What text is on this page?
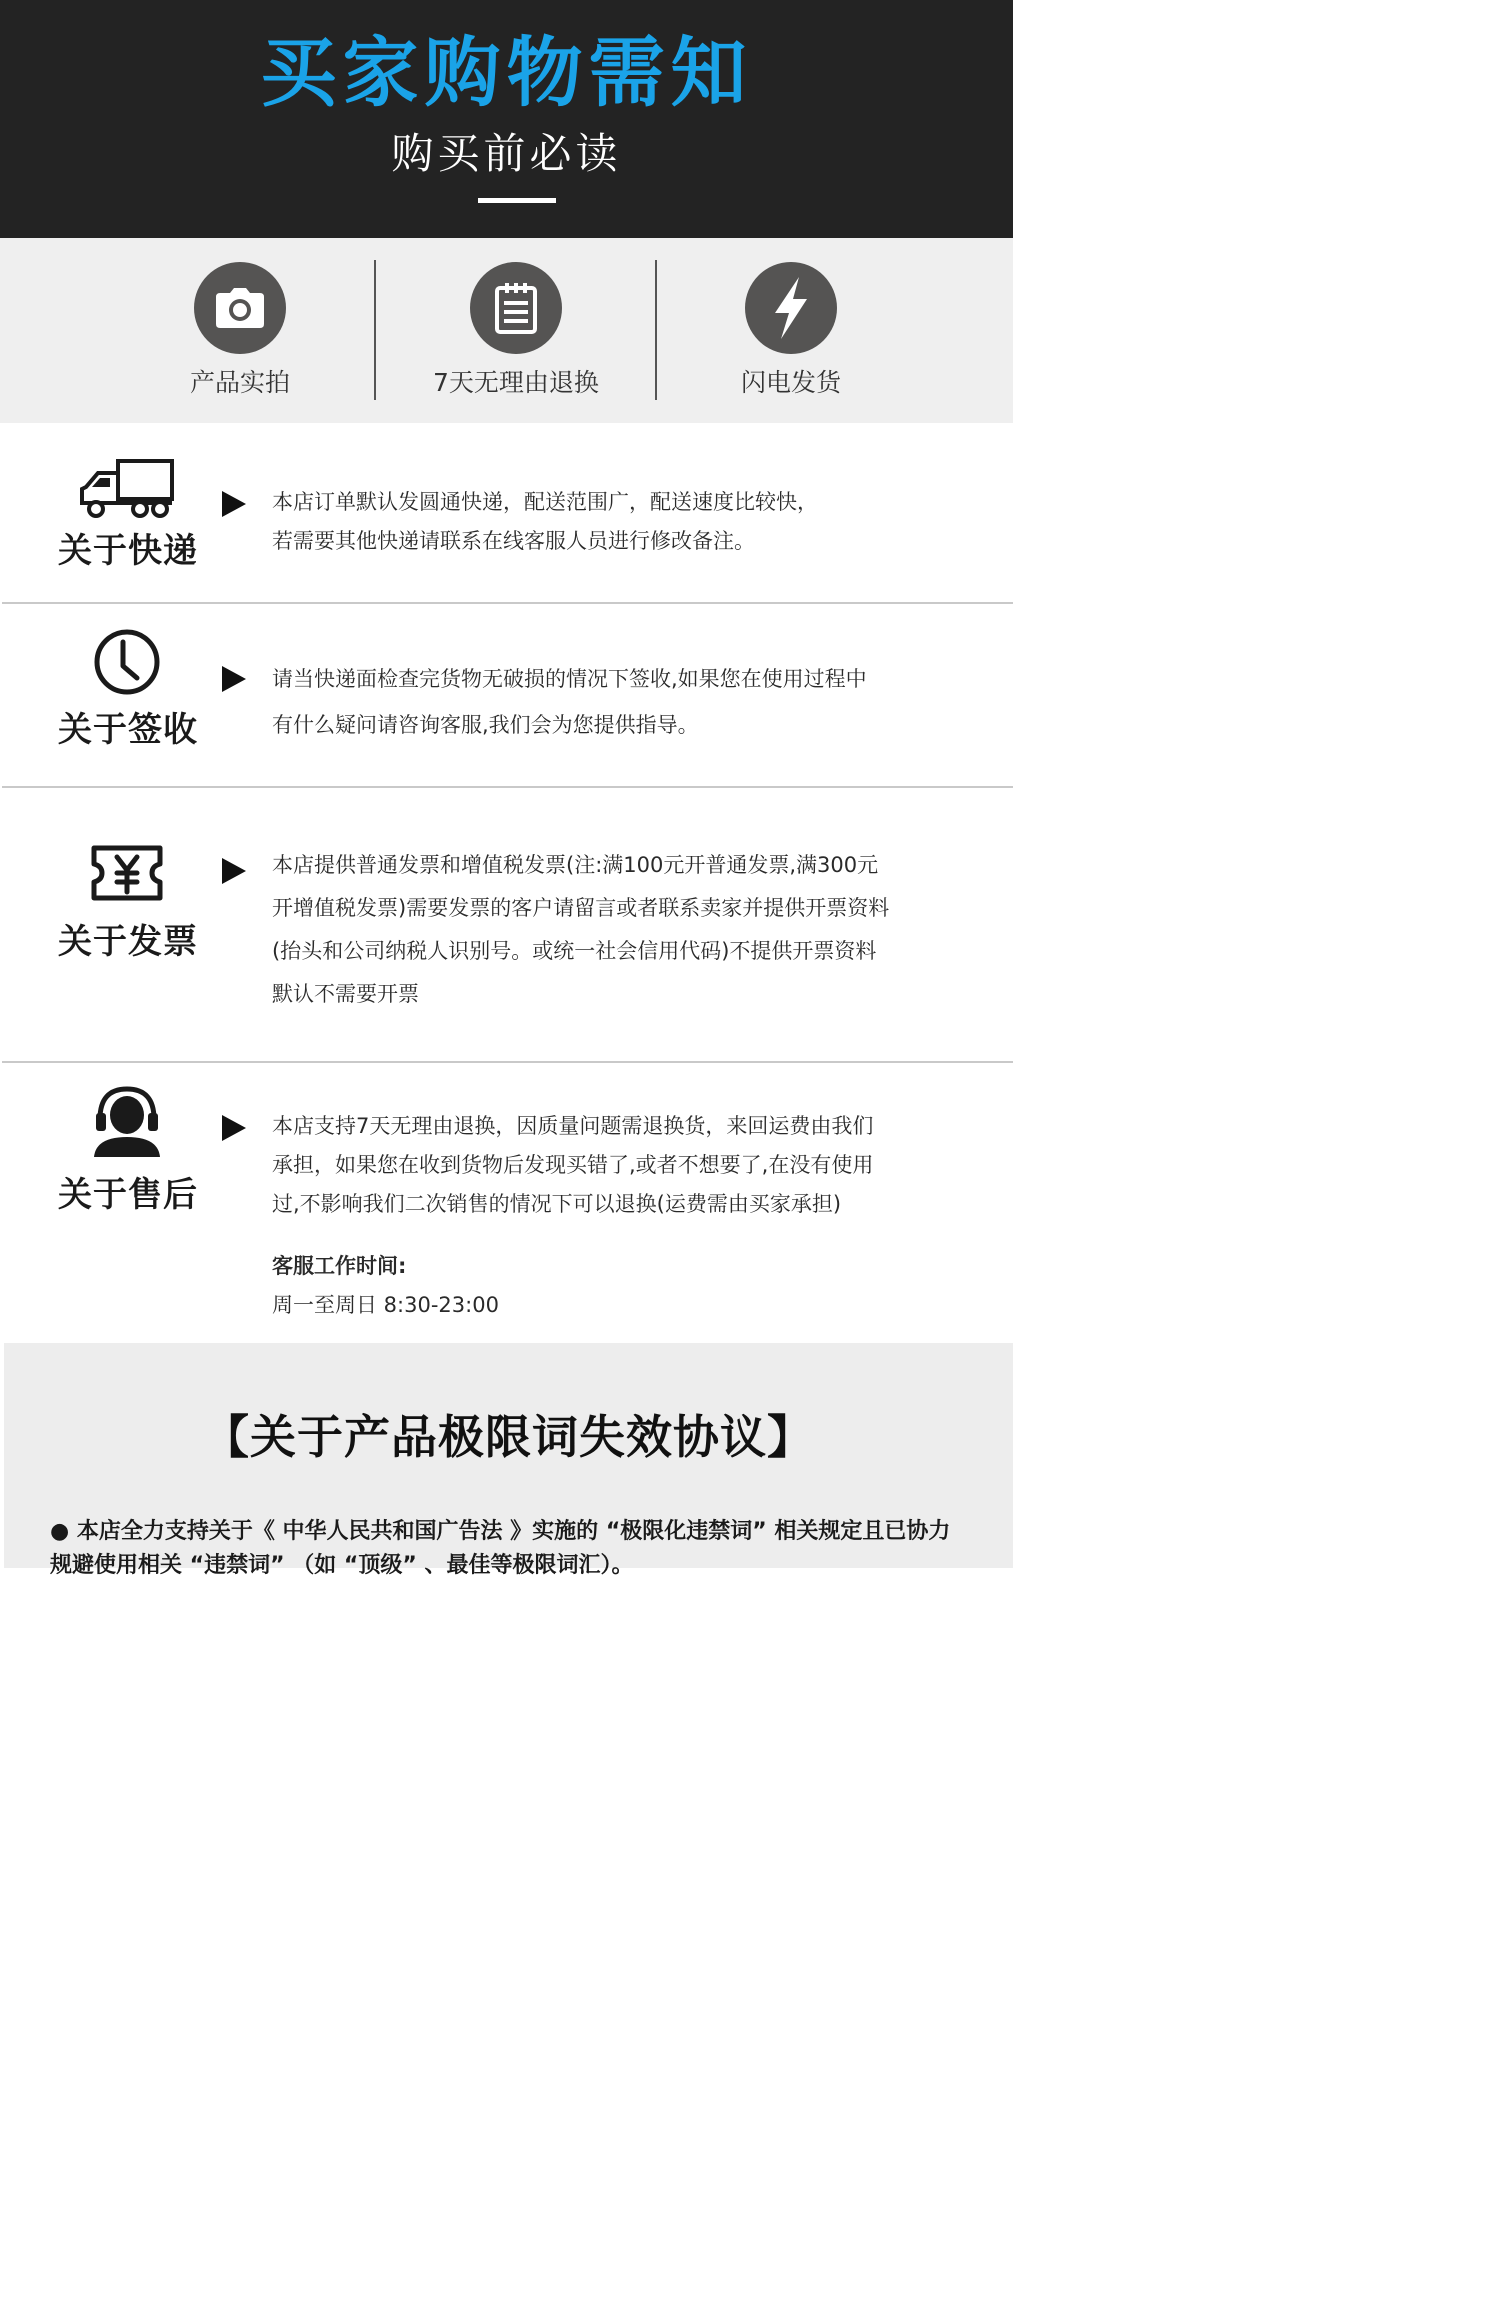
买家购物需知
购买前必读
产品实拍	7天无理由退换	闪电发货
关于快递
本店订单默认发圆通快递，配送范围广，配送速度比较快，
若需要其他快递请联系在线客服人员进行修改备注。
关于签收
请当快递面检查完货物无破损的情况下签收,如果您在使用过程中
有什么疑问请咨询客服,我们会为您提供指导。
关于发票
本店提供普通发票和增值税发票(注:满100元开普通发票,满300元
开增值税发票)需要发票的客户请留言或者联系卖家并提供开票资料
(抬头和公司纳税人识别号。或统一社会信用代码)不提供开票资料
默认不需要开票
关于售后
本店支持7天无理由退换，因质量问题需退换货，来回运费由我们
承担，如果您在收到货物后发现买错了,或者不想要了,在没有使用
过,不影响我们二次销售的情况下可以退换(运费需由买家承担)
客服工作时间:
周一至周日 8:30-23:00
【关于产品极限词失效协议】
● 本店全力支持关于《 中华人民共和国广告法 》实施的 “极限化违禁词” 相关规定且已协力规避使用相关 “违禁词” （如 “顶级” 、最佳等极限词汇）。
